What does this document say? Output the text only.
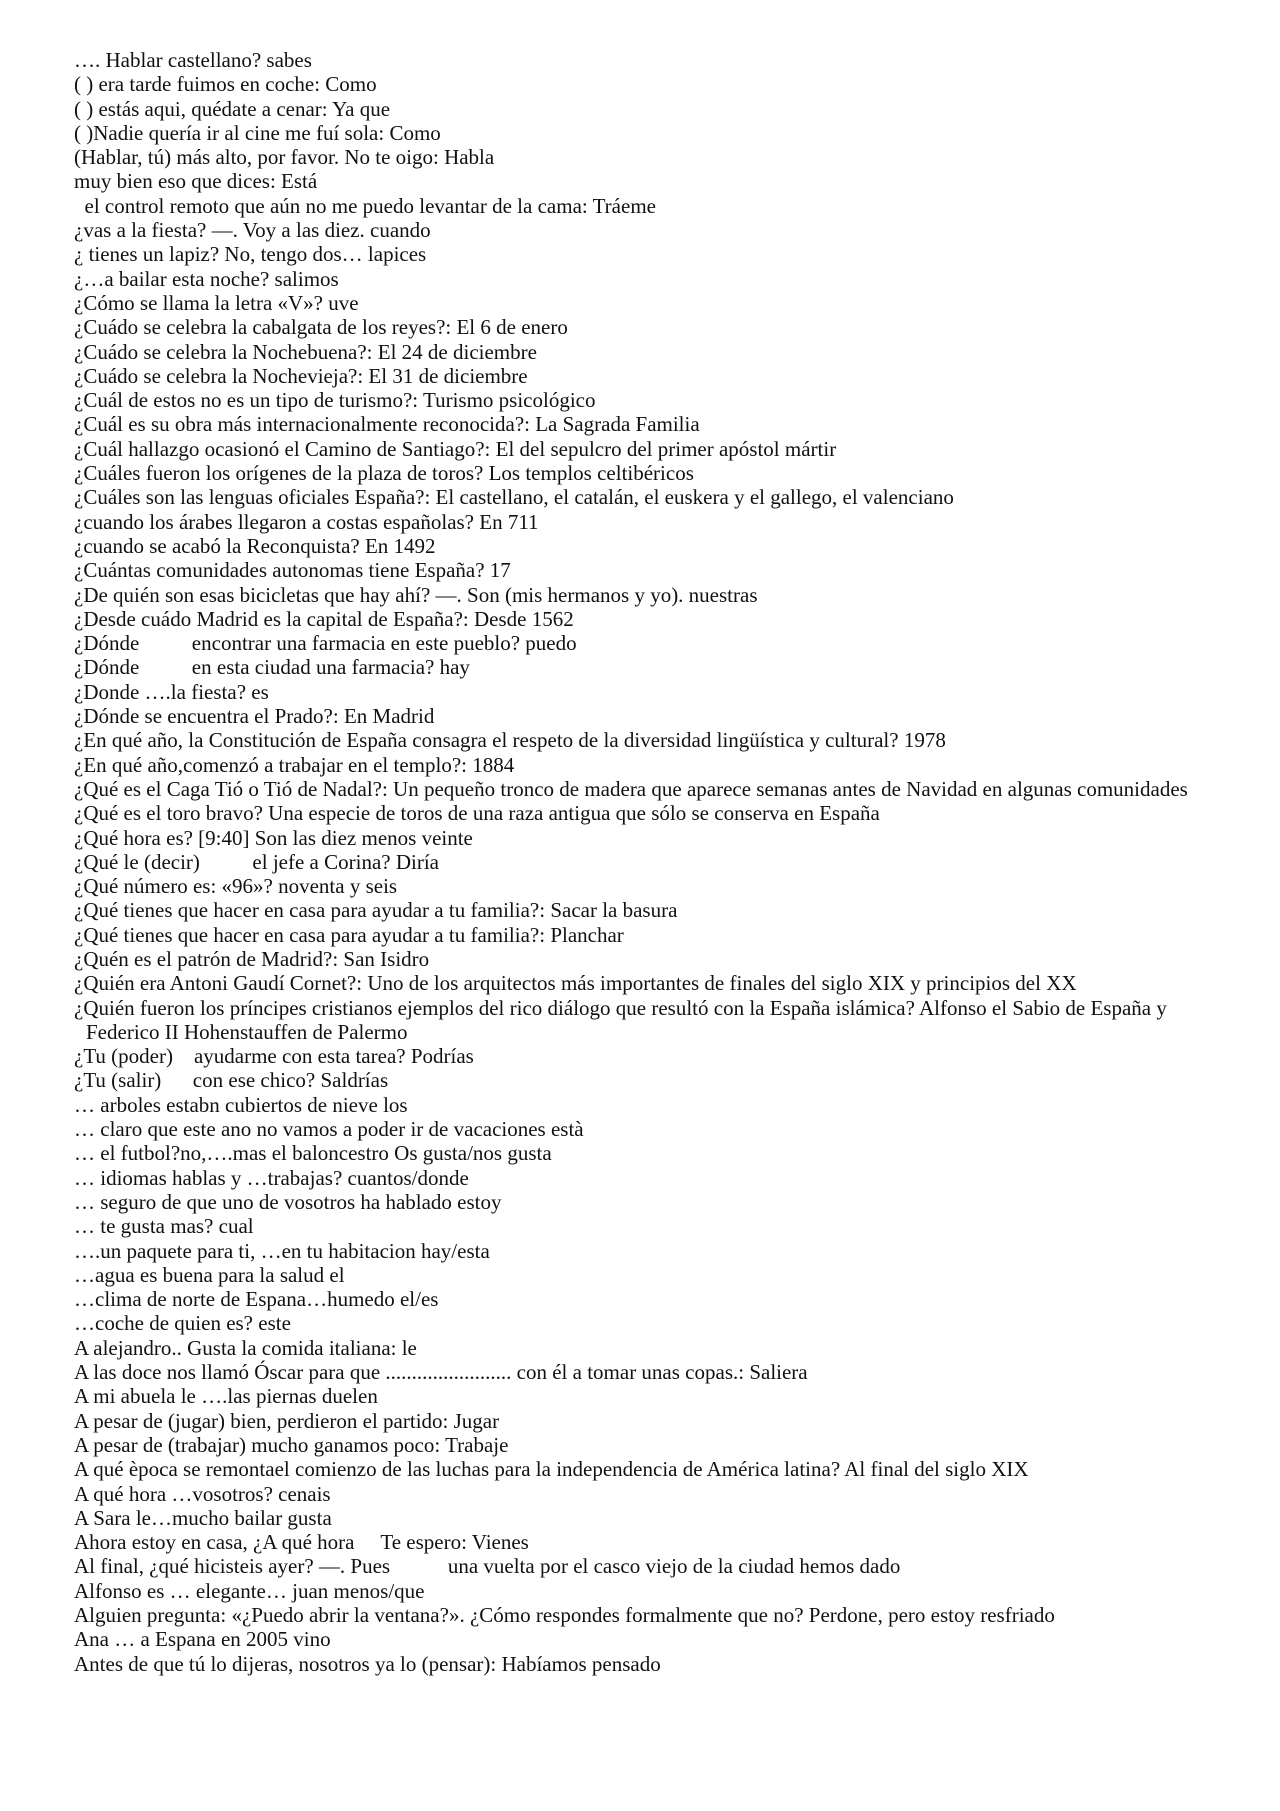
…. Hablar castellano? sabes
( ) era tarde fuimos en coche: Como
( ) estás aqui, quédate a cenar: Ya que
( )Nadie quería ir al cine me fuí sola: Como
(Hablar, tú) más alto, por favor. No te oigo: Habla
muy bien eso que dices: Está
el control remoto que aún no me puedo levantar de la cama: Tráeme
¿vas a la fiesta? —. Voy a las diez. cuando
¿ tienes un lapiz? No, tengo dos… lapices
¿…a bailar esta noche? salimos
¿Cómo se llama la letra «V»? uve
¿Cuádo se celebra la cabalgata de los reyes?: El 6 de enero
¿Cuádo se celebra la Nochebuena?: El 24 de diciembre
¿Cuádo se celebra la Nochevieja?: El 31 de diciembre
¿Cuál de estos no es un tipo de turismo?: Turismo psicológico
¿Cuál es su obra más internacionalmente reconocida?: La Sagrada Familia
¿Cuál hallazgo ocasionó el Camino de Santiago?: El del sepulcro del primer apóstol mártir
¿Cuáles fueron los orígenes de la plaza de toros? Los templos celtibéricos
¿Cuáles son las lenguas oficiales España?: El castellano, el catalán, el euskera y el gallego, el valenciano
¿cuando los árabes llegaron a costas españolas? En 711
¿cuando se acabó la Reconquista? En 1492
¿Cuántas comunidades autonomas tiene España? 17
¿De quién son esas bicicletas que hay ahí? —. Son (mis hermanos y yo). nuestras
¿Desde cuádo Madrid es la capital de España?: Desde 1562
¿Dónde          encontrar una farmacia en este pueblo? puedo
¿Dónde          en esta ciudad una farmacia? hay
¿Donde ….la fiesta? es
¿Dónde se encuentra el Prado?: En Madrid
¿En qué año, la Constitución de España consagra el respeto de la diversidad lingüística y cultural? 1978
¿En qué año,comenzó a trabajar en el templo?: 1884
¿Qué es el Caga Tió o Tió de Nadal?: Un pequeño tronco de madera que aparece semanas antes de Navidad en algunas comunidades
¿Qué es el toro bravo? Una especie de toros de una raza antigua que sólo se conserva en España
¿Qué hora es? [9:40] Son las diez menos veinte
¿Qué le (decir)          el jefe a Corina? Diría
¿Qué número es: «96»? noventa y seis
¿Qué tienes que hacer en casa para ayudar a tu familia?: Sacar la basura
¿Qué tienes que hacer en casa para ayudar a tu familia?: Planchar
¿Quén es el patrón de Madrid?: San Isidro
¿Quién era Antoni Gaudí Cornet?: Uno de los arquitectos más importantes de finales del siglo XIX y principios del XX
¿Quién fueron los príncipes cristianos ejemplos del rico diálogo que resultó con la España islámica? Alfonso el Sabio de España y Federico II Hohenstauffen de Palermo
¿Tu (poder)    ayudarme con esta tarea? Podrías
¿Tu (salir)      con ese chico? Saldrías
… arboles estabn cubiertos de nieve los
… claro que este ano no vamos a poder ir de vacaciones està
… el futbol?no,….mas el baloncestro Os gusta/nos gusta
… idiomas hablas y …trabajas? cuantos/donde
… seguro de que uno de vosotros ha hablado estoy
… te gusta mas? cual
….un paquete para ti, …en tu habitacion hay/esta
…agua es buena para la salud el
…clima de norte de Espana…humedo el/es
…coche de quien es? este
A alejandro.. Gusta la comida italiana: le
A las doce nos llamó Óscar para que ........................ con él a tomar unas copas.: Saliera
A mi abuela le ….las piernas duelen
A pesar de (jugar) bien, perdieron el partido: Jugar
A pesar de (trabajar) mucho ganamos poco: Trabaje
A qué època se remontael comienzo de las luchas para la independencia de América latina? Al final del siglo XIX
A qué hora …vosotros? cenais
A Sara le…mucho bailar gusta
Ahora estoy en casa, ¿A qué hora     Te espero: Vienes
Al final, ¿qué hicisteis ayer? —. Pues           una vuelta por el casco viejo de la ciudad hemos dado
Alfonso es … elegante… juan menos/que
Alguien pregunta: «¿Puedo abrir la ventana?». ¿Cómo respondes formalmente que no? Perdone, pero estoy resfriado
Ana … a Espana en 2005 vino
Antes de que tú lo dijeras, nosotros ya lo (pensar): Habíamos pensado
